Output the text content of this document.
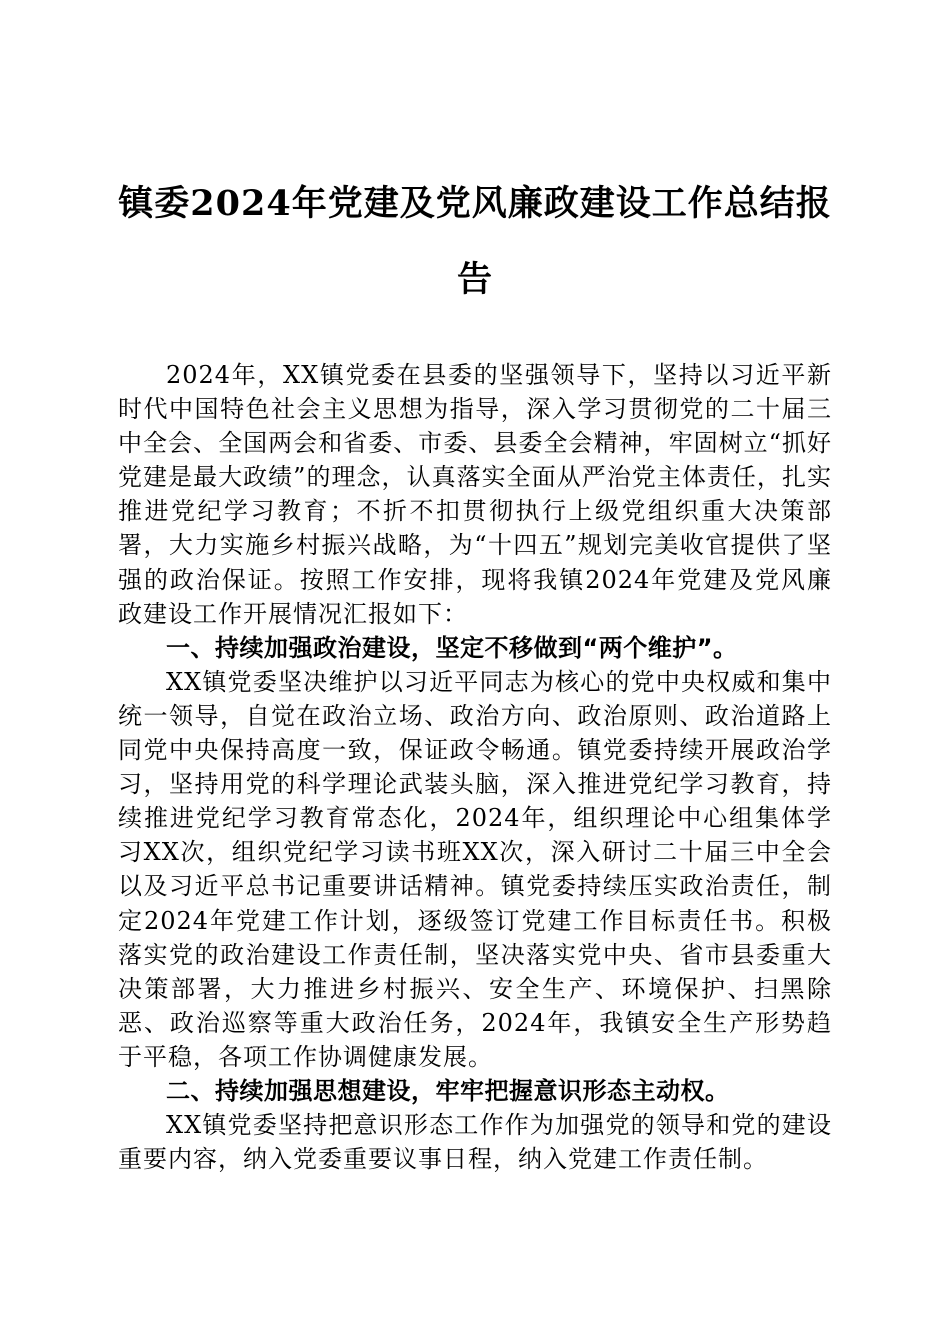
镇委2024年党建及党风廉政建设工作总结报告

2024年，XX镇党委在县委的坚强领导下，坚持以习近平新时代中国特色社会主义思想为指导，深入学习贯彻党的二十届三中全会、全国两会和省委、市委、县委全会精神，牢固树立“抓好党建是最大政绩”的理念，认真落实全面从严治党主体责任，扎实推进党纪学习教育；不折不扣贯彻执行上级党组织重大决策部署，大力实施乡村振兴战略，为“十四五”规划完美收官提供了坚强的政治保证。按照工作安排，现将我镇2024年党建及党风廉政建设工作开展情况汇报如下：

一、持续加强政治建设，坚定不移做到“两个维护”。

XX镇党委坚决维护以习近平同志为核心的党中央权威和集中统一领导，自觉在政治立场、政治方向、政治原则、政治道路上同党中央保持高度一致，保证政令畅通。镇党委持续开展政治学习，坚持用党的科学理论武装头脑，深入推进党纪学习教育，持续推进党纪学习教育常态化，2024年，组织理论中心组集体学习XX次，组织党纪学习读书班XX次，深入研讨二十届三中全会以及习近平总书记重要讲话精神。镇党委持续压实政治责任，制定2024年党建工作计划，逐级签订党建工作目标责任书。积极落实党的政治建设工作责任制，坚决落实党中央、省市县委重大决策部署，大力推进乡村振兴、安全生产、环境保护、扫黑除恶、政治巡察等重大政治任务，2024年，我镇安全生产形势趋于平稳，各项工作协调健康发展。

二、持续加强思想建设，牢牢把握意识形态主动权。

XX镇党委坚持把意识形态工作作为加强党的领导和党的建设重要内容，纳入党委重要议事日程，纳入党建工作责任制。
